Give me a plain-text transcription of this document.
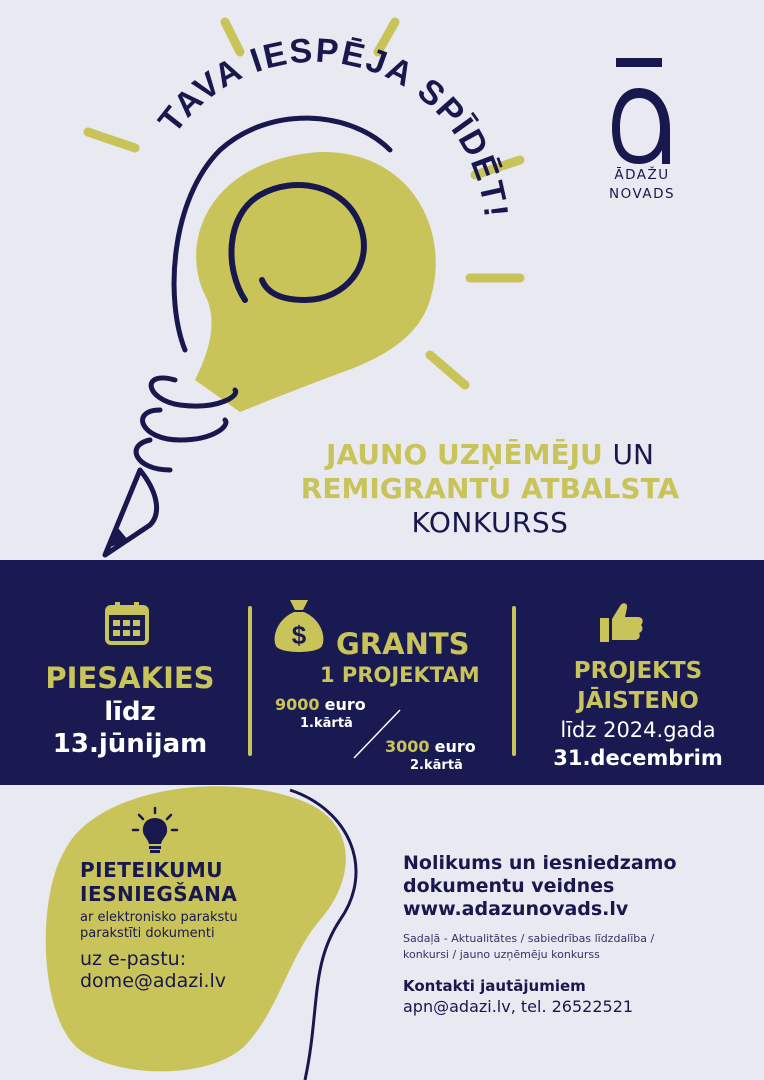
TAVA IESPĒJA SPĪDĒT!
ĀDAŽU
NOVADS
JAUNO UZŅĒMĒJU UN
REMIGRANTU ATBALSTA
KONKURSS
PIESAKIES
līdz
13.jūnijam
$	GRANTS
1 PROJEKTAM
9000 euro
1.kārtā
3000 euro
2.kārtā
PROJEKTS
JĀISTENO
līdz 2024.gada
31.decembrim
PIETEIKUMU
IESNIEGŠANA
ar elektronisko parakstu
parakstīti dokumenti
uz e-pastu:
dome@adazi.lv
Nolikums un iesniedzamo
dokumentu veidnes
www.adazunovads.lv
Sadaļā - Aktualitātes / sabiedrības līdzdalība /
konkursi / jauno uzņēmēju konkurss
Kontakti jautājumiem
apn@adazi.lv, tel. 26522521
